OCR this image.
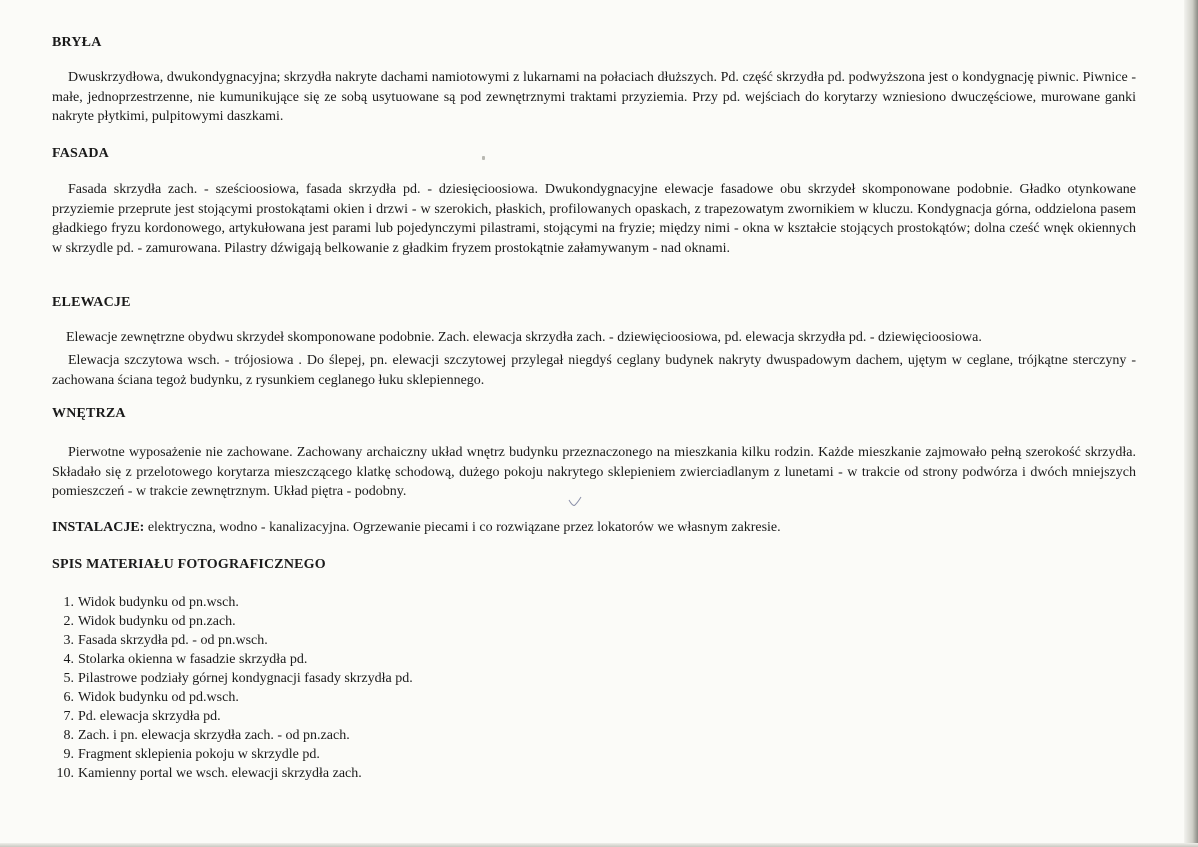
BRYŁA

Dwuskrzydłowa, dwukondygnacyjna; skrzydła nakryte dachami namiotowymi z lukarnami na połaciach dłuższych. Pd. część skrzydła pd. podwyższona jest o kondygnację piwnic. Piwnice - małe, jednoprzestrzenne, nie kumunikujące się ze sobą usytuowane są pod zewnętrznymi traktami przyziemia. Przy pd. wejściach do korytarzy wzniesiono dwuczęściowe, murowane ganki nakryte płytkimi, pulpitowymi daszkami.

FASADA

Fasada skrzydła zach. - sześcioosiowa, fasada skrzydła pd. - dziesięcioosiowa. Dwukondygnacyjne elewacje fasadowe obu skrzydeł skomponowane podobnie. Gładko otynkowane przyziemie przeprute jest stojącymi prostokątami okien i drzwi - w szerokich, płaskich, profilowanych opaskach, z trapezowatym zwornikiem w kluczu. Kondygnacja górna, oddzielona pasem gładkiego fryzu kordonowego, artykułowana jest parami lub pojedynczymi pilastrami, stojącymi na fryzie; między nimi - okna w kształcie stojących prostokątów; dolna cześć wnęk okiennych w skrzydle pd. - zamurowana. Pilastry dźwigają belkowanie z gładkim fryzem prostokątnie załamywanym - nad oknami.

ELEWACJE

Elewacje zewnętrzne obydwu skrzydeł skomponowane podobnie. Zach. elewacja skrzydła zach. - dziewięcioosiowa, pd. elewacja skrzydła pd. - dziewięcioosiowa.

Elewacja szczytowa wsch. - trójosiowa . Do ślepej, pn. elewacji szczytowej przylegał niegdyś ceglany budynek nakryty dwuspadowym dachem, ujętym w ceglane, trójkątne sterczyny - zachowana ściana tegoż budynku, z rysunkiem ceglanego łuku sklepiennego.

WNĘTRZA

Pierwotne wyposażenie nie zachowane. Zachowany archaiczny układ wnętrz budynku przeznaczonego na mieszkania kilku rodzin. Każde mieszkanie zajmowało pełną szerokość skrzydła. Składało się z przelotowego korytarza mieszczącego klatkę schodową, dużego pokoju nakrytego sklepieniem zwierciadlanym z lunetami - w trakcie od strony podwórza i dwóch mniejszych pomieszczeń - w trakcie zewnętrznym. Układ piętra - podobny.

INSTALACJE: elektryczna, wodno - kanalizacyjna. Ogrzewanie piecami i co rozwiązane przez lokatorów we własnym zakresie.

SPIS MATERIAŁU FOTOGRAFICZNEGO
1. Widok budynku od pn.wsch.
2. Widok budynku od pn.zach.
3. Fasada skrzydła pd. - od pn.wsch.
4. Stolarka okienna w fasadzie skrzydła pd.
5. Pilastrowe podziały górnej kondygnacji fasady skrzydła pd.
6. Widok budynku od pd.wsch.
7. Pd. elewacja skrzydła pd.
8. Zach. i pn. elewacja skrzydła zach. - od pn.zach.
9. Fragment sklepienia pokoju w skrzydle pd.
10. Kamienny portal we wsch. elewacji skrzydła zach.
